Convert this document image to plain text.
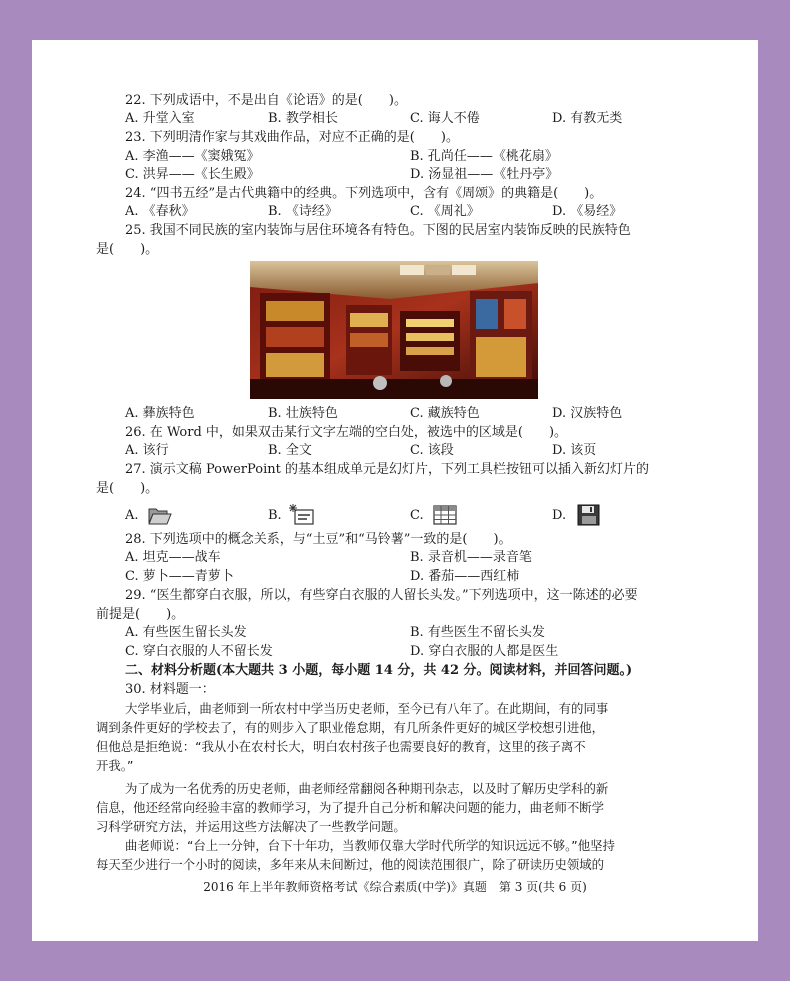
22. 下列成语中，不是出自《论语》的是(　　)。
A. 升堂入室	B. 教学相长	C. 诲人不倦	D. 有教无类
23. 下列明清作家与其戏曲作品，对应不正确的是(　　)。
A. 李渔——《窦娥冤》	B. 孔尚任——《桃花扇》
C. 洪昇——《长生殿》	D. 汤显祖——《牡丹亭》
24. “四书五经”是古代典籍中的经典。下列选项中，含有《周颂》的典籍是(　　)。
A. 《春秋》	B. 《诗经》	C. 《周礼》	D. 《易经》
25. 我国不同民族的室内装饰与居住环境各有特色。下图的民居室内装饰反映的民族特色
是(　　)。
A. 彝族特色	B. 壮族特色	C. 藏族特色	D. 汉族特色
26. 在 Word 中，如果双击某行文字左端的空白处，被选中的区域是(　　)。
A. 该行	B. 全文	C. 该段	D. 该页
27. 演示文稿 PowerPoint 的基本组成单元是幻灯片，下列工具栏按钮可以插入新幻灯片的
是(　　)。
A.	B.	C.	D.
28. 下列选项中的概念关系，与“土豆”和“马铃薯”一致的是(　　)。
A. 坦克——战车	B. 录音机——录音笔
C. 萝卜——青萝卜	D. 番茄——西红柿
29. “医生都穿白衣服，所以，有些穿白衣服的人留长头发。”下列选项中，这一陈述的必要
前提是(　　)。
A. 有些医生留长头发	B. 有些医生不留长头发
C. 穿白衣服的人不留长发	D. 穿白衣服的人都是医生
二、材料分析题(本大题共 3 小题，每小题 14 分，共 42 分。阅读材料，并回答问题。)
30. 材料题一：
大学毕业后，曲老师到一所农村中学当历史老师，至今已有八年了。在此期间，有的同事
调到条件更好的学校去了，有的则步入了职业倦怠期，有几所条件更好的城区学校想引进他，
但他总是拒绝说：“我从小在农村长大，明白农村孩子也需要良好的教育，这里的孩子离不
开我。”
为了成为一名优秀的历史老师，曲老师经常翻阅各种期刊杂志，以及时了解历史学科的新
信息，他还经常向经验丰富的教师学习，为了提升自己分析和解决问题的能力，曲老师不断学
习科学研究方法，并运用这些方法解决了一些教学问题。
曲老师说：“台上一分钟，台下十年功，当教师仅靠大学时代所学的知识远远不够。”他坚持
每天至少进行一个小时的阅读，多年来从未间断过，他的阅读范围很广，除了研读历史领域的
2016 年上半年教师资格考试《综合素质(中学)》真题　第 3 页(共 6 页)
